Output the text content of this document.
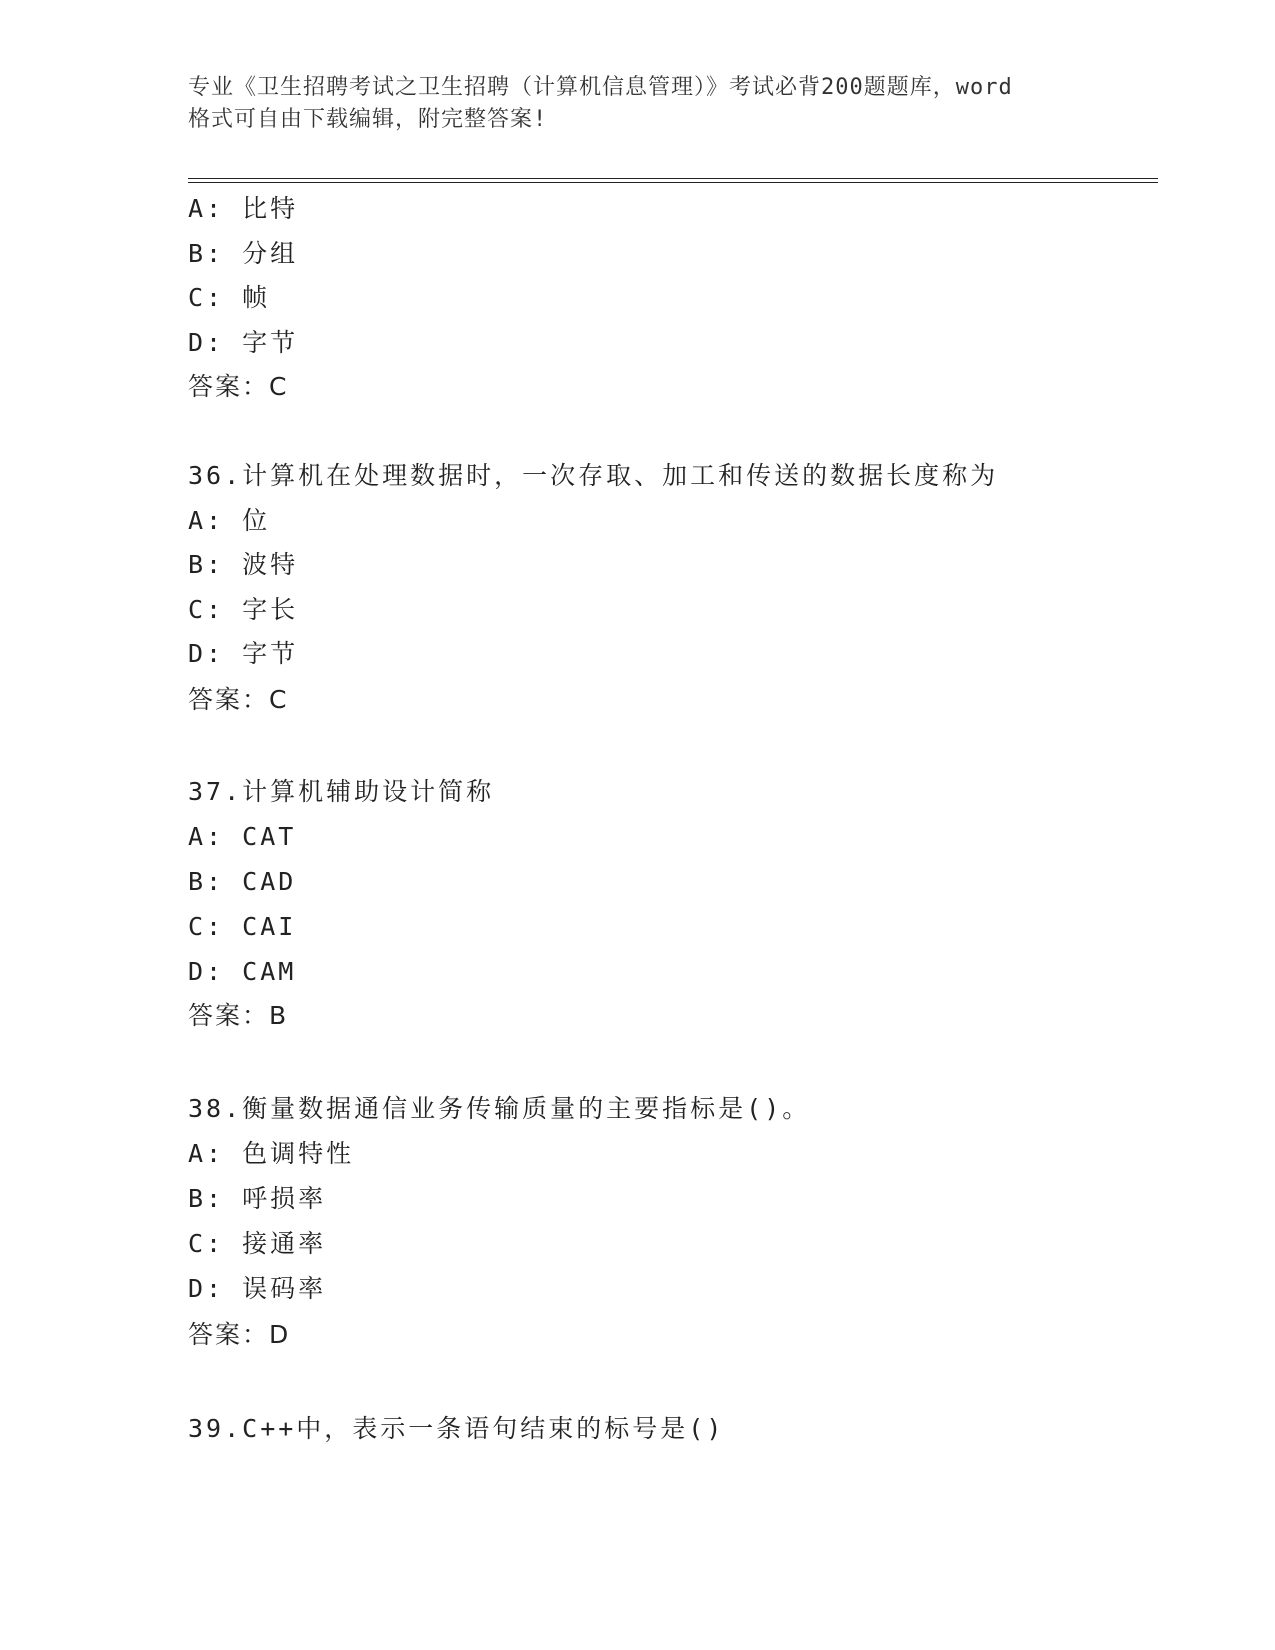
专业《卫生招聘考试之卫生招聘（计算机信息管理）》考试必背200题题库，word
格式可自由下载编辑，附完整答案!
A: 比特
B: 分组
C: 帧
D: 字节
答案：C
36.计算机在处理数据时，一次存取、加工和传送的数据长度称为
A: 位
B: 波特
C: 字长
D: 字节
答案：C
37.计算机辅助设计简称
A: CAT
B: CAD
C: CAI
D: CAM
答案：B
38.衡量数据通信业务传输质量的主要指标是()。
A: 色调特性
B: 呼损率
C: 接通率
D: 误码率
答案：D
39.C++中，表示一条语句结束的标号是()
